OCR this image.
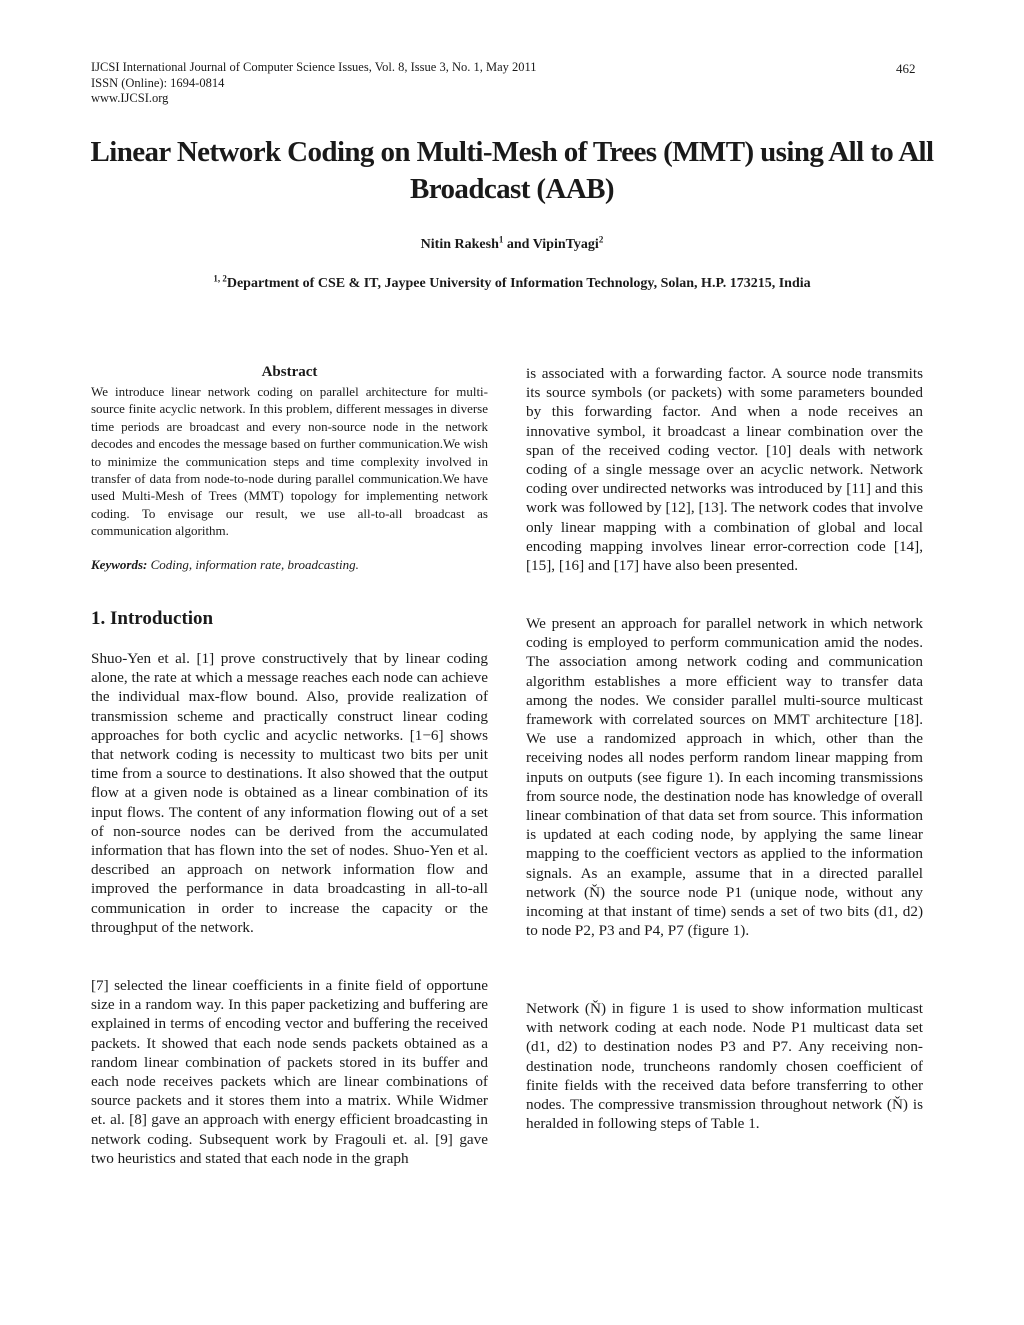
IJCSI International Journal of Computer Science Issues, Vol. 8, Issue 3, No. 1, May 2011
ISSN (Online): 1694-0814
www.IJCSI.org
462
Linear Network Coding on Multi-Mesh of Trees (MMT) using All to All Broadcast (AAB)
Nitin Rakesh$^1$ and VipinTyagi$^2$
$^{1, 2}$Department of CSE & IT, Jaypee University of Information Technology, Solan, H.P. 173215, India
Abstract
We introduce linear network coding on parallel architecture for multi-source finite acyclic network. In this problem, different messages in diverse time periods are broadcast and every non-source node in the network decodes and encodes the message based on further communication.We wish to minimize the communication steps and time complexity involved in transfer of data from node-to-node during parallel communication.We have used Multi-Mesh of Trees (MMT) topology for implementing network coding. To envisage our result, we use all-to-all broadcast as communication algorithm.
Keywords: Coding, information rate, broadcasting.
1. Introduction
Shuo-Yen et al. [1] prove constructively that by linear coding alone, the rate at which a message reaches each node can achieve the individual max-flow bound. Also, provide realization of transmission scheme and practically construct linear coding approaches for both cyclic and acyclic networks. [1−6] shows that network coding is necessity to multicast two bits per unit time from a source to destinations. It also showed that the output flow at a given node is obtained as a linear combination of its input flows. The content of any information flowing out of a set of non-source nodes can be derived from the accumulated information that has flown into the set of nodes. Shuo-Yen et al. described an approach on network information flow and improved the performance in data broadcasting in all-to-all communication in order to increase the capacity or the throughput of the network.
[7] selected the linear coefficients in a finite field of opportune size in a random way. In this paper packetizing and buffering are explained in terms of encoding vector and buffering the received packets. It showed that each node sends packets obtained as a random linear combination of packets stored in its buffer and each node receives packets which are linear combinations of source packets and it stores them into a matrix. While Widmer et. al. [8] gave an approach with energy efficient broadcasting in network coding. Subsequent work by Fragouli et. al. [9] gave two heuristics and stated that each node in the graph
is associated with a forwarding factor. A source node transmits its source symbols (or packets) with some parameters bounded by this forwarding factor. And when a node receives an innovative symbol, it broadcast a linear combination over the span of the received coding vector. [10] deals with network coding of a single message over an acyclic network. Network coding over undirected networks was introduced by [11] and this work was followed by [12], [13]. The network codes that involve only linear mapping with a combination of global and local encoding mapping involves linear error-correction code [14], [15], [16] and [17] have also been presented.
We present an approach for parallel network in which network coding is employed to perform communication amid the nodes. The association among network coding and communication algorithm establishes a more efficient way to transfer data among the nodes. We consider parallel multi-source multicast framework with correlated sources on MMT architecture [18]. We use a randomized approach in which, other than the receiving nodes all nodes perform random linear mapping from inputs on outputs (see figure 1). In each incoming transmissions from source node, the destination node has knowledge of overall linear combination of that data set from source. This information is updated at each coding node, by applying the same linear mapping to the coefficient vectors as applied to the information signals. As an example, assume that in a directed parallel network (Ň) the source node P1 (unique node, without any incoming at that instant of time) sends a set of two bits (d1, d2) to node P2, P3 and P4, P7 (figure 1).
Network (Ň) in figure 1 is used to show information multicast with network coding at each node. Node P1 multicast data set (d1, d2) to destination nodes P3 and P7. Any receiving non-destination node, truncheons randomly chosen coefficient of finite fields with the received data before transferring to other nodes. The compressive transmission throughout network (Ň) is heralded in following steps of Table 1.
